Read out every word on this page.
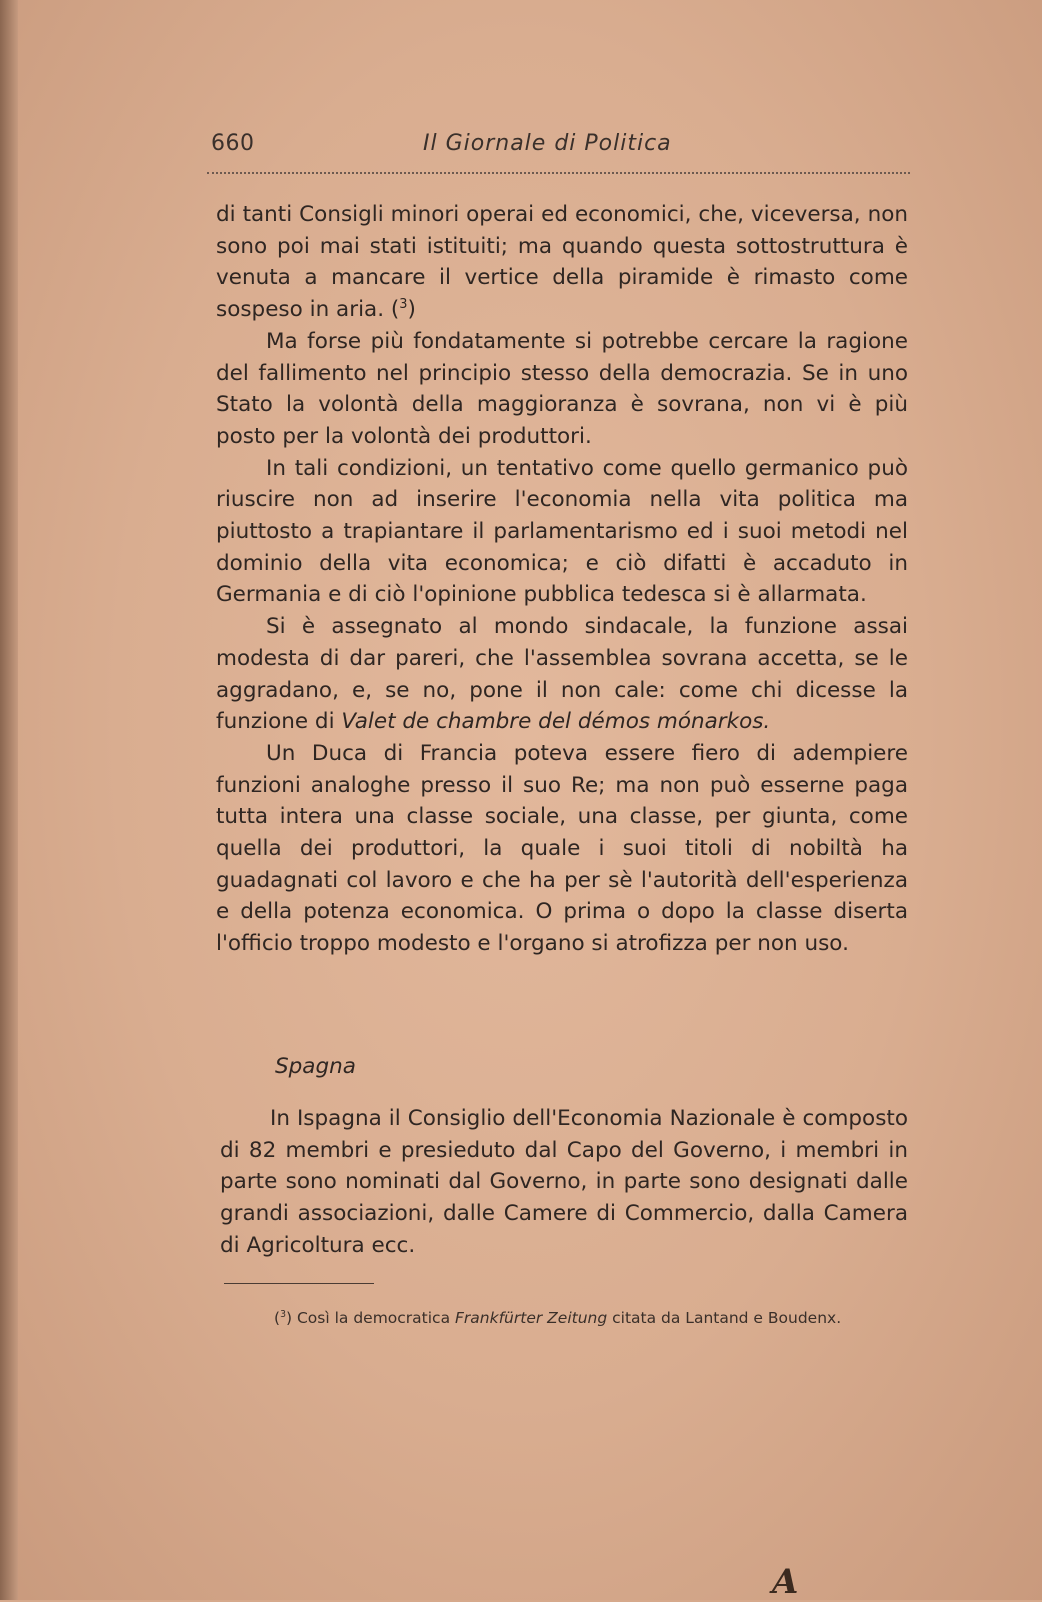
660	Il Giornale di Politica

di tanti Consigli minori operai ed economici, che, viceversa, non sono poi mai stati istituiti; ma quando questa sottostruttura è venuta a mancare il vertice della piramide è rimasto come sospeso in aria. ($^3$)

Ma forse più fondatamente si potrebbe cercare la ragione del fallimento nel principio stesso della democrazia. Se in uno Stato la volontà della maggioranza è sovrana, non vi è più posto per la volontà dei produttori.

In tali condizioni, un tentativo come quello germanico può riuscire non ad inserire l'economia nella vita politica ma piuttosto a trapiantare il parlamentarismo ed i suoi metodi nel dominio della vita economica; e ciò difatti è accaduto in Germania e di ciò l'opinione pubblica tedesca si è allarmata.

Si è assegnato al mondo sindacale, la funzione assai modesta di dar pareri, che l'assemblea sovrana accetta, se le aggradano, e, se no, pone il non cale: come chi dicesse la funzione di Valet de chambre del démos mónarkos.

Un Duca di Francia poteva essere fiero di adempiere funzioni analoghe presso il suo Re; ma non può esserne paga tutta intera una classe sociale, una classe, per giunta, come quella dei produttori, la quale i suoi titoli di nobiltà ha guadagnati col lavoro e che ha per sè l'autorità dell'esperienza e della potenza economica. O prima o dopo la classe diserta l'officio troppo modesto e l'organo si atrofizza per non uso.

Spagna

In Ispagna il Consiglio dell'Economia Nazionale è composto di 82 membri e presieduto dal Capo del Governo, i membri in parte sono nominati dal Governo, in parte sono designati dalle grandi associazioni, dalle Camere di Commercio, dalla Camera di Agricoltura ecc.

($^3$) Così la democratica Frankfürter Zeitung citata da Lantand e Boudenx.

A
